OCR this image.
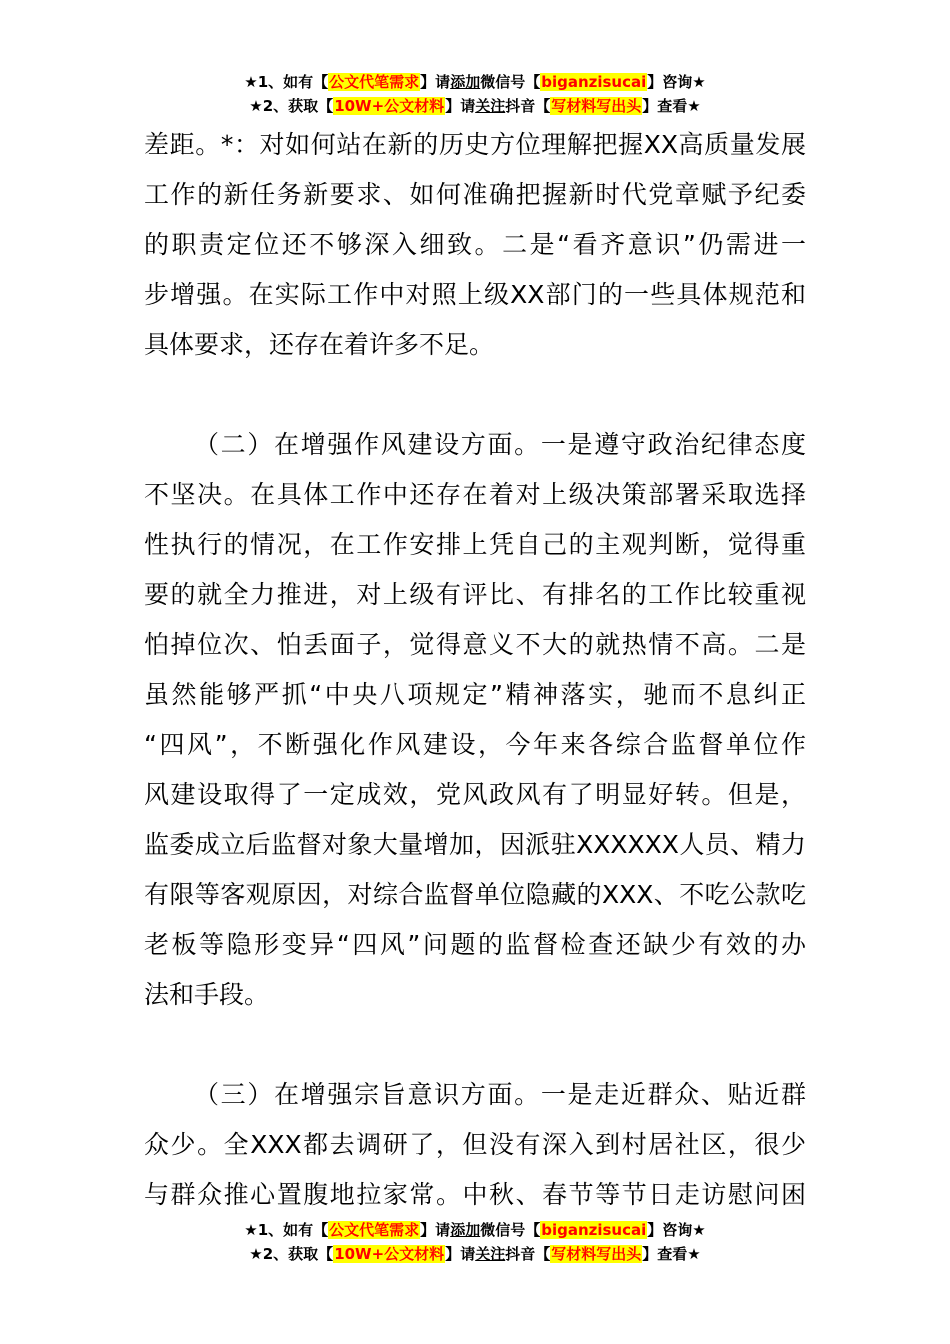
★1、如有【公文代笔需求】请添加微信号【biganzisucai】咨询★
★2、获取【10W+公文材料】请关注抖音【写材料写出头】查看★
差距。*：对如何站在新的历史方位理解把握XX高质量发展
工作的新任务新要求、如何准确把握新时代党章赋予纪委
的职责定位还不够深入细致。二是“看齐意识”仍需进一
步增强。在实际工作中对照上级XX部门的一些具体规范和
具体要求，还存在着许多不足。
（二）在增强作风建设方面。一是遵守政治纪律态度
不坚决。在具体工作中还存在着对上级决策部署采取选择
性执行的情况，在工作安排上凭自己的主观判断，觉得重
要的就全力推进，对上级有评比、有排名的工作比较重视
怕掉位次、怕丢面子，觉得意义不大的就热情不高。二是
虽然能够严抓“中央八项规定”精神落实，驰而不息纠正
“四风”，不断强化作风建设，今年来各综合监督单位作
风建设取得了一定成效，党风政风有了明显好转。但是，
监委成立后监督对象大量增加，因派驻XXXXXX人员、精力
有限等客观原因，对综合监督单位隐藏的XXX、不吃公款吃
老板等隐形变异“四风”问题的监督检查还缺少有效的办
法和手段。
（三）在增强宗旨意识方面。一是走近群众、贴近群
众少。全XXX都去调研了，但没有深入到村居社区，很少
与群众推心置腹地拉家常。中秋、春节等节日走访慰问困
★1、如有【公文代笔需求】请添加微信号【biganzisucai】咨询★
★2、获取【10W+公文材料】请关注抖音【写材料写出头】查看★
